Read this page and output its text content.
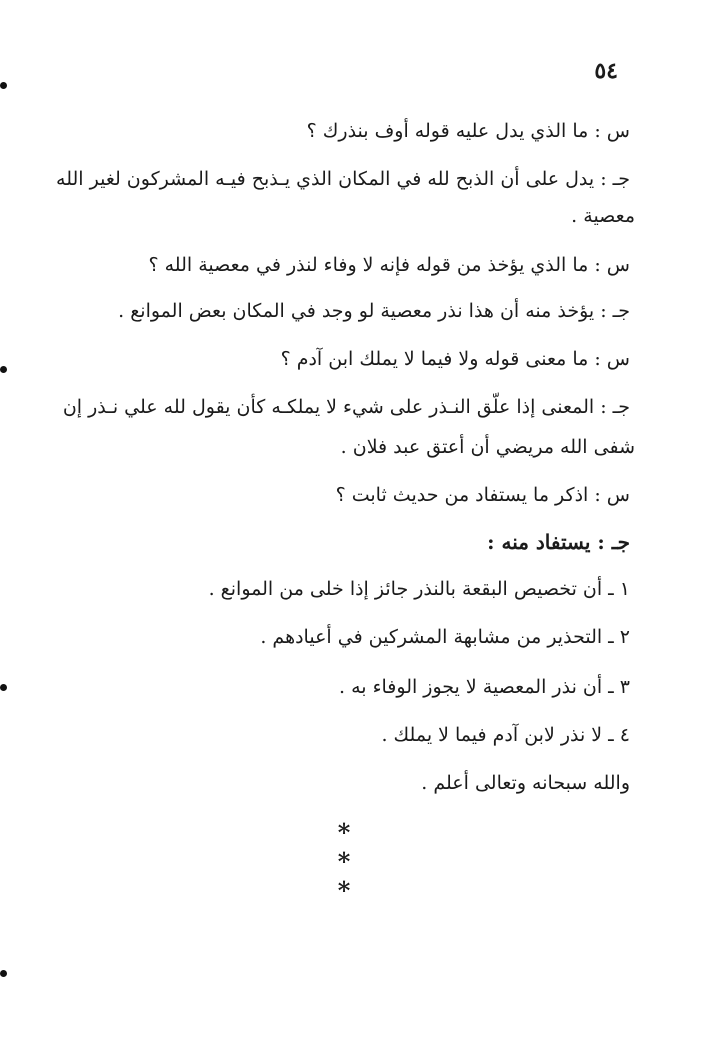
٥٤
س : ما الذي يدل عليه قوله أوف بنذرك ؟
جـ : يدل على أن الذبح لله في المكان الذي يـذبح فيـه المشركون لغير الله
معصية .
س : ما الذي يؤخذ من قوله فإنه لا وفاء لنذر في معصية الله ؟
جـ : يؤخذ منه أن هذا نذر معصية لو وجد في المكان بعض الموانع .
س : ما معنى قوله ولا فيما لا يملك ابن آدم ؟
جـ : المعنى إذا علّق النـذر على شيء لا يملكـه كأن يقول لله علي نـذر إن
شفى الله مريضي أن أعتق عبد فلان .
س : اذكر ما يستفاد من حديث ثابت ؟
جـ : يستفاد منه :
١ ـ أن تخصيص البقعة بالنذر جائز إذا خلى من الموانع .
٢ ـ التحذير من مشابهة المشركين في أعيادهم .
٣ ـ أن نذر المعصية لا يجوز الوفاء به .
٤ ـ لا نذر لابن آدم فيما لا يملك .
والله سبحانه وتعالى أعلم .
* * *
